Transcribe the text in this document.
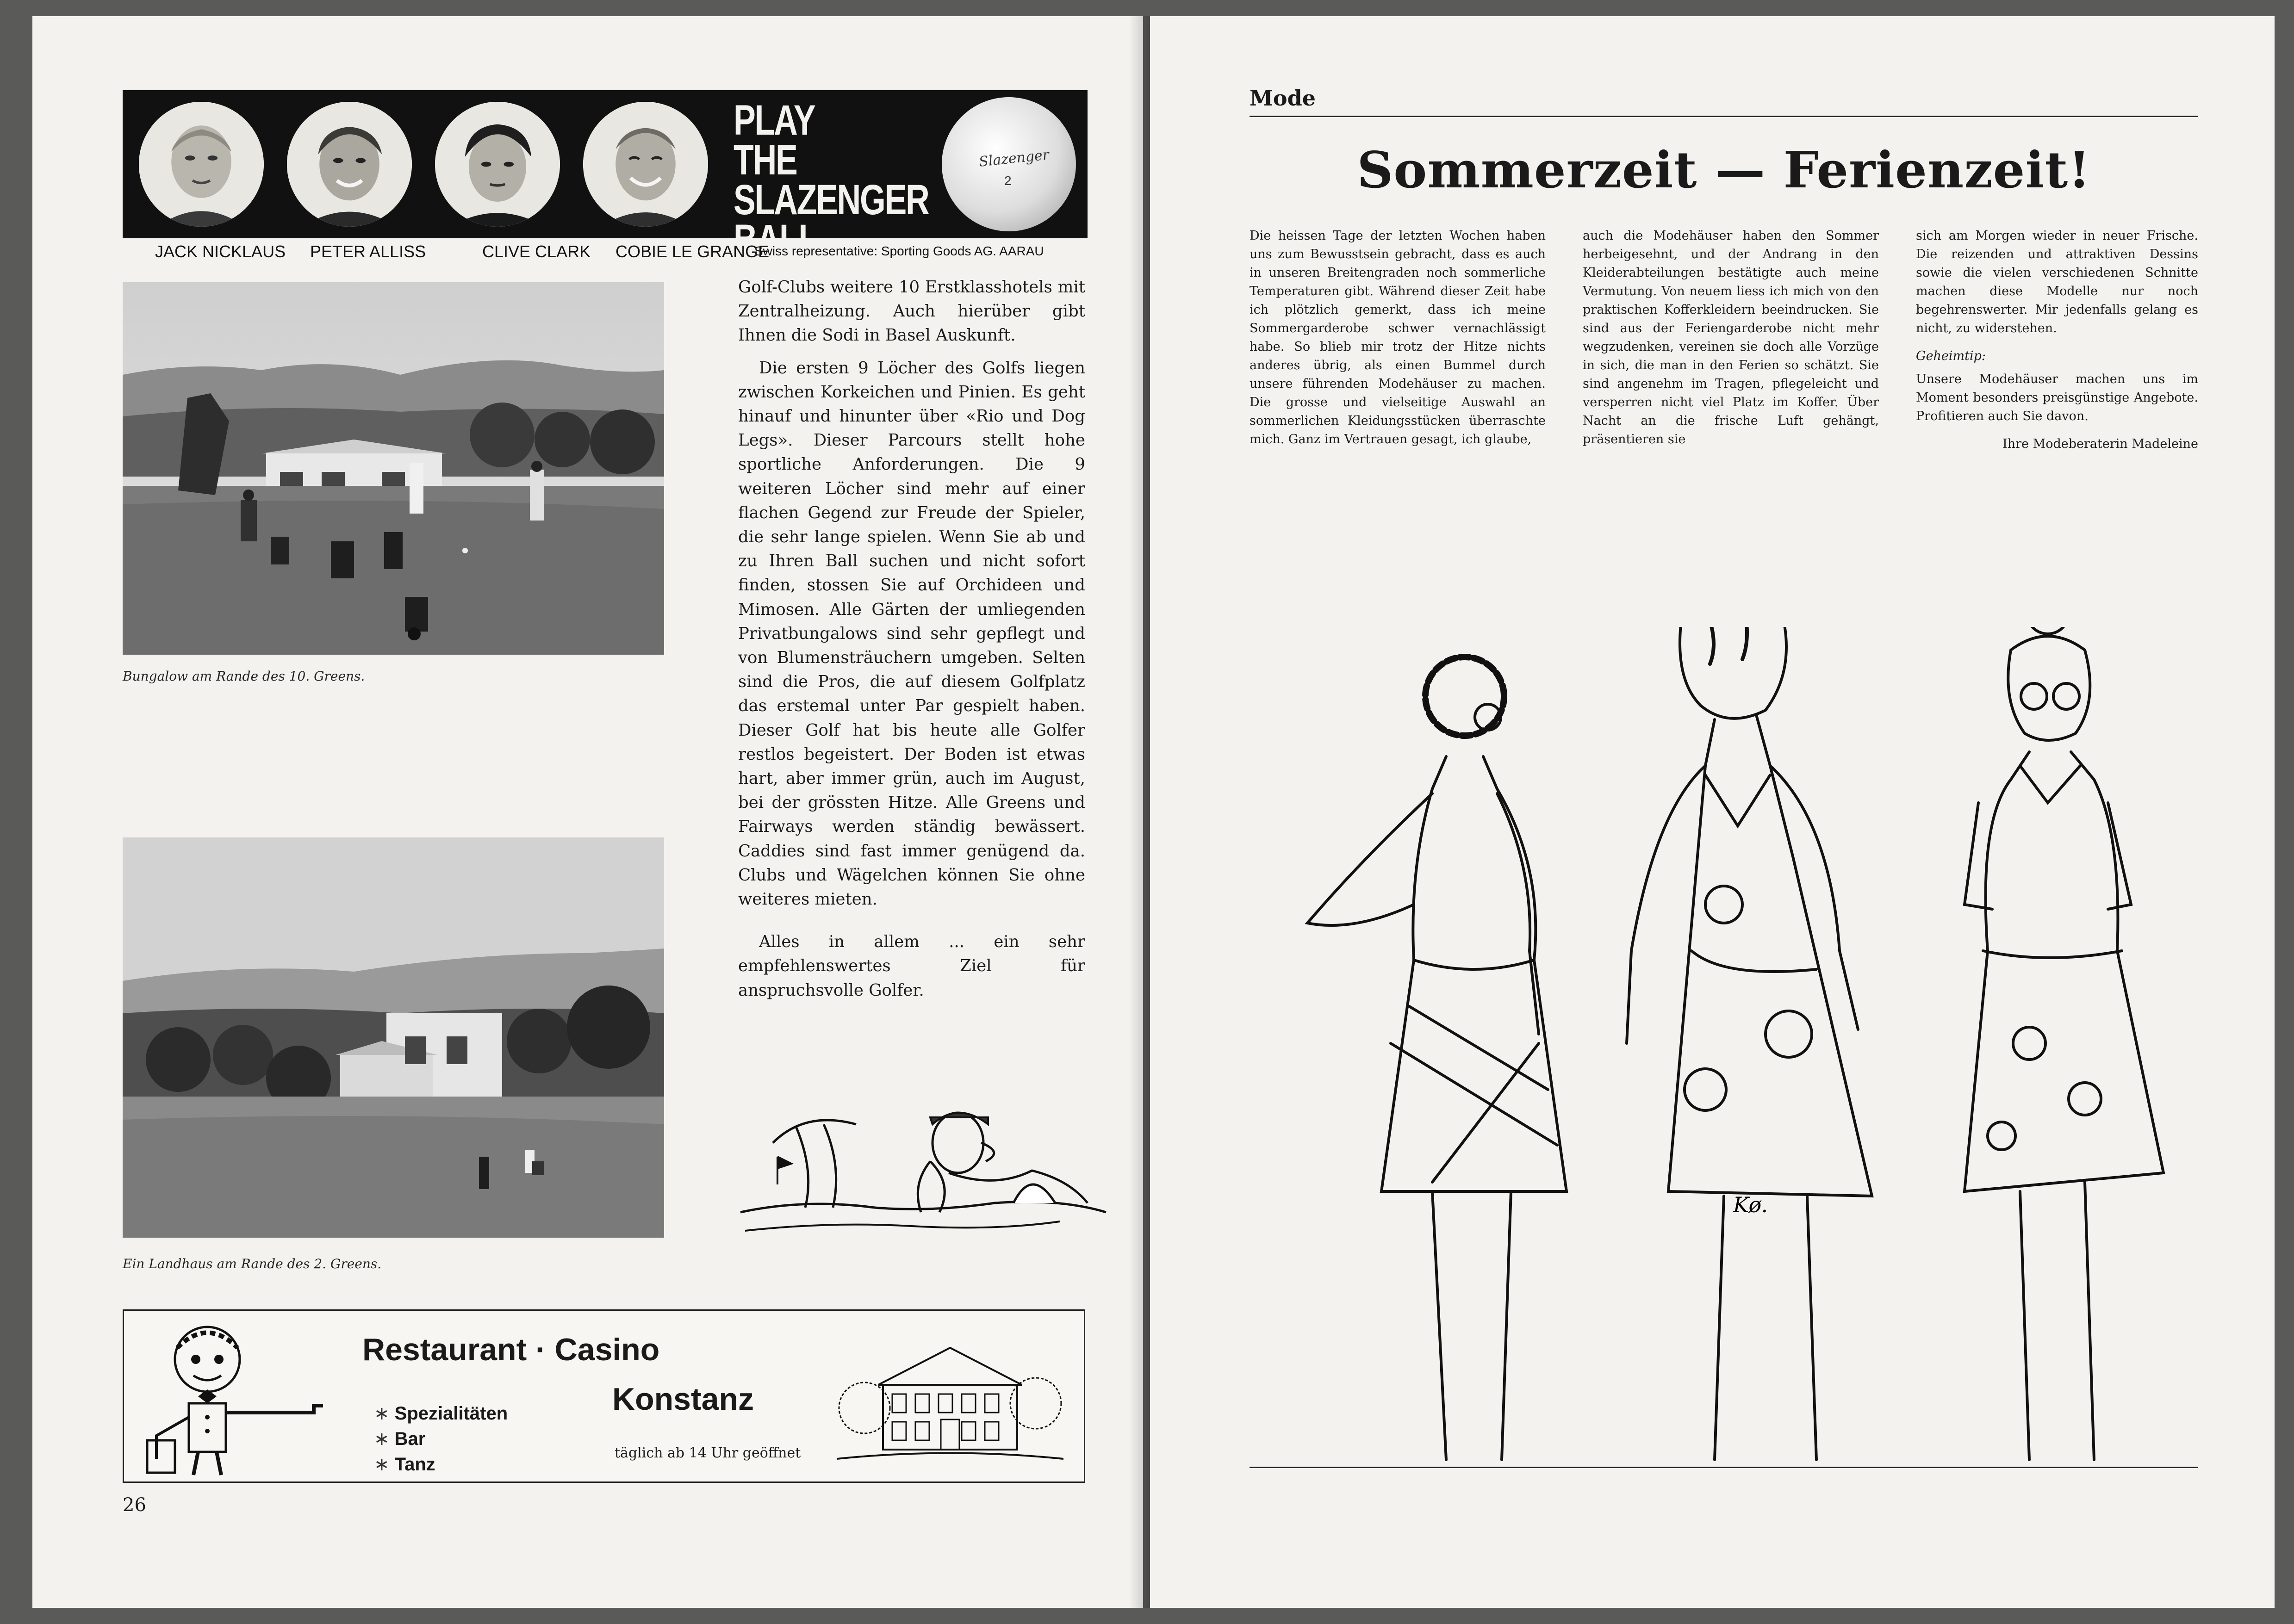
PLAY THE
SLAZENGER
BALL
Slazenger
2
JACK NICKLAUS PETER ALLISS	CLIVE CLARK COBIE LE GRANGE
Swiss representative: Sporting Goods AG. AARAU
Bungalow am Rande des 10. Greens.
Ein Landhaus am Rande des 2. Greens.

Golf-Clubs weitere 10 Erstklasshotels mit Zentralheizung. Auch hierüber gibt Ihnen die Sodi in Basel Auskunft.

Die ersten 9 Löcher des Golfs liegen zwischen Korkeichen und Pinien. Es geht hinauf und hinunter über «Rio und Dog Legs». Dieser Parcours stellt hohe sportliche Anforderungen. Die 9 weiteren Löcher sind mehr auf einer flachen Gegend zur Freude der Spieler, die sehr lange spielen. Wenn Sie ab und zu Ihren Ball suchen und nicht sofort finden, stossen Sie auf Orchideen und Mimosen. Alle Gärten der umliegenden Privatbungalows sind sehr gepflegt und von Blumensträuchern umgeben. Selten sind die Pros, die auf diesem Golfplatz das erstemal unter Par gespielt haben. Dieser Golf hat bis heute alle Golfer restlos begeistert. Der Boden ist etwas hart, aber immer grün, auch im August, bei der grössten Hitze. Alle Greens und Fairways werden ständig bewässert. Caddies sind fast immer genügend da. Clubs und Wägelchen können Sie ohne weiteres mieten.

Alles in allem ... ein sehr empfehlenswertes Ziel für anspruchsvolle Golfer.

Restaurant · Casino
Konstanz
∗ Spezialitäten
∗ Bar
∗ Tanz
täglich ab 14 Uhr geöffnet
26
Mode
Sommerzeit — Ferienzeit!

Die heissen Tage der letzten Wochen haben uns zum Bewusstsein gebracht, dass es auch in unseren Breitengraden noch sommerliche Temperaturen gibt. Während dieser Zeit habe ich plötzlich gemerkt, dass ich meine Sommergarderobe schwer vernachlässigt habe. So blieb mir trotz der Hitze nichts anderes übrig, als einen Bummel durch unsere führenden Modehäuser zu machen. Die grosse und vielseitige Auswahl an sommerlichen Kleidungsstücken überraschte mich. Ganz im Vertrauen gesagt, ich glaube,

auch die Modehäuser haben den Sommer herbeigesehnt, und der Andrang in den Kleiderabteilungen bestätigte auch meine Vermutung. Von neuem liess ich mich von den praktischen Kofferkleidern beeindrucken. Sie sind aus der Feriengarderobe nicht mehr wegzudenken, vereinen sie doch alle Vorzüge in sich, die man in den Ferien so schätzt. Sie sind angenehm im Tragen, pflegeleicht und versperren nicht viel Platz im Koffer. Über Nacht an die frische Luft gehängt, präsentieren sie

sich am Morgen wieder in neuer Frische. Die reizenden und attraktiven Dessins sowie die vielen verschiedenen Schnitte machen diese Modelle nur noch begehrenswerter. Mir jedenfalls gelang es nicht, zu widerstehen.

Geheimtip:

Unsere Modehäuser machen uns im Moment besonders preisgünstige Angebote. Profitieren auch Sie davon.

Ihre Modeberaterin Madeleine

Kø.
